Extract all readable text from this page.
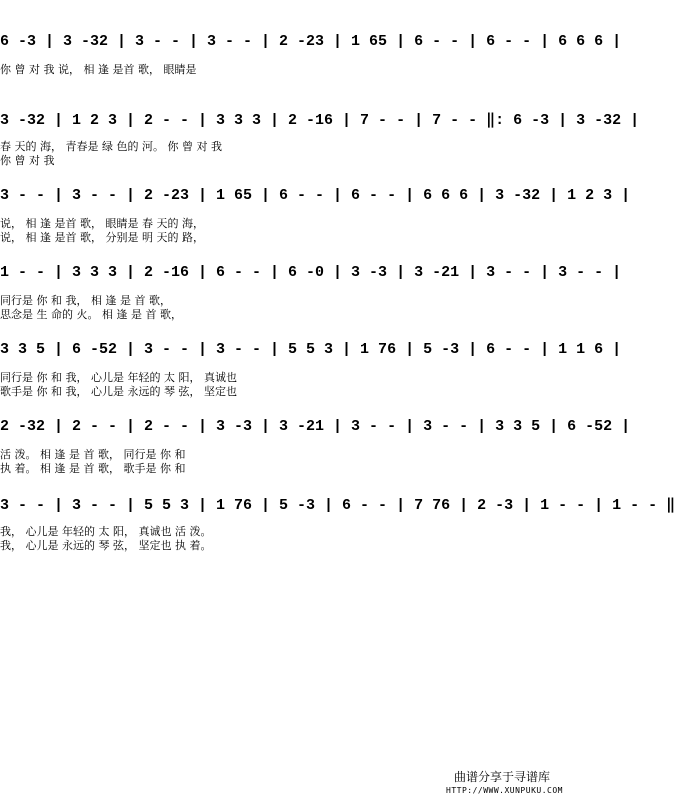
6 -3 | 3 -32 | 3 - - | 3 - - | 2 -23 | 1 65 | 6 - - | 6 - - | 6 6 6 |
你 曾 对 我 说， 相 逢 是首 歌， 眼睛是
3 -32 | 1 2 3 | 2 - - | 3 3 3 | 2 -16 | 7 - - | 7 - - ‖: 6 -3 | 3 -32 |
春 天的 海， 青春是 绿 色的 河。 你 曾 对 我
你 曾 对 我
3 - - | 3 - - | 2 -23 | 1 65 | 6 - - | 6 - - | 6 6 6 | 3 -32 | 1 2 3 |
说， 相 逢 是首 歌， 眼睛是 春 天的 海，
说， 相 逢 是首 歌， 分别是 明 天的 路，
1 - - | 3 3 3 | 2 -16 | 6 - - | 6 -0 | 3 -3 | 3 -21 | 3 - - | 3 - - |
同行是 你 和 我， 相 逢 是 首 歌，
思念是 生 命的 火。 相 逢 是 首 歌，
3 3 5 | 6 -52 | 3 - - | 3 - - | 5 5 3 | 1 76 | 5 -3 | 6 - - | 1 1 6 |
同行是 你 和 我， 心儿是 年轻的 太 阳， 真诚也
歌手是 你 和 我， 心儿是 永远的 琴 弦， 坚定也
2 -32 | 2 - - | 2 - - | 3 -3 | 3 -21 | 3 - - | 3 - - | 3 3 5 | 6 -52 |
活 泼。 相 逢 是 首 歌， 同行是 你 和
执 着。 相 逢 是 首 歌， 歌手是 你 和
3 - - | 3 - - | 5 5 3 | 1 76 | 5 -3 | 6 - - | 7 76 | 2 -3 | 1 - - | 1 - - ‖
我， 心儿是 年轻的 太 阳， 真诚也 活 泼。
我， 心儿是 永远的 琴 弦， 坚定也 执 着。
曲谱分享于寻谱库
HTTP://WWW.XUNPUKU.COM
